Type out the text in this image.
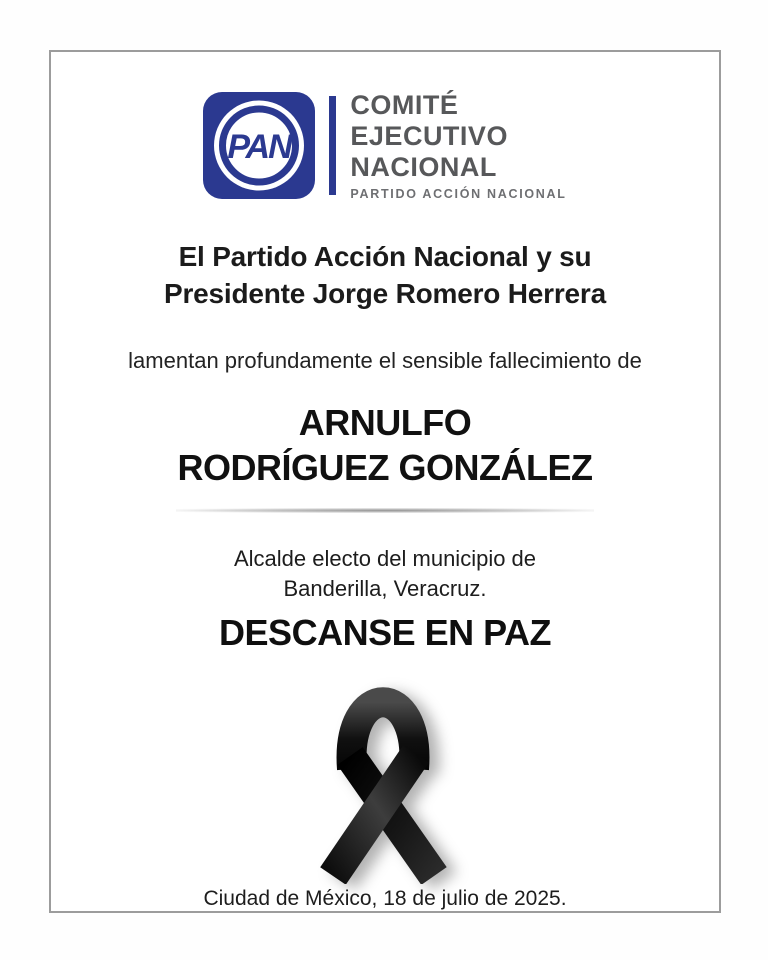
PAN
COMITÉ
EJECUTIVO
NACIONAL
PARTIDO ACCIÓN NACIONAL
El Partido Acción Nacional y su
Presidente Jorge Romero Herrera
lamentan profundamente el sensible fallecimiento de
ARNULFO
RODRÍGUEZ GONZÁLEZ
Alcalde electo del municipio de
Banderilla, Veracruz.
DESCANSE EN PAZ
Ciudad de México, 18 de julio de 2025.
